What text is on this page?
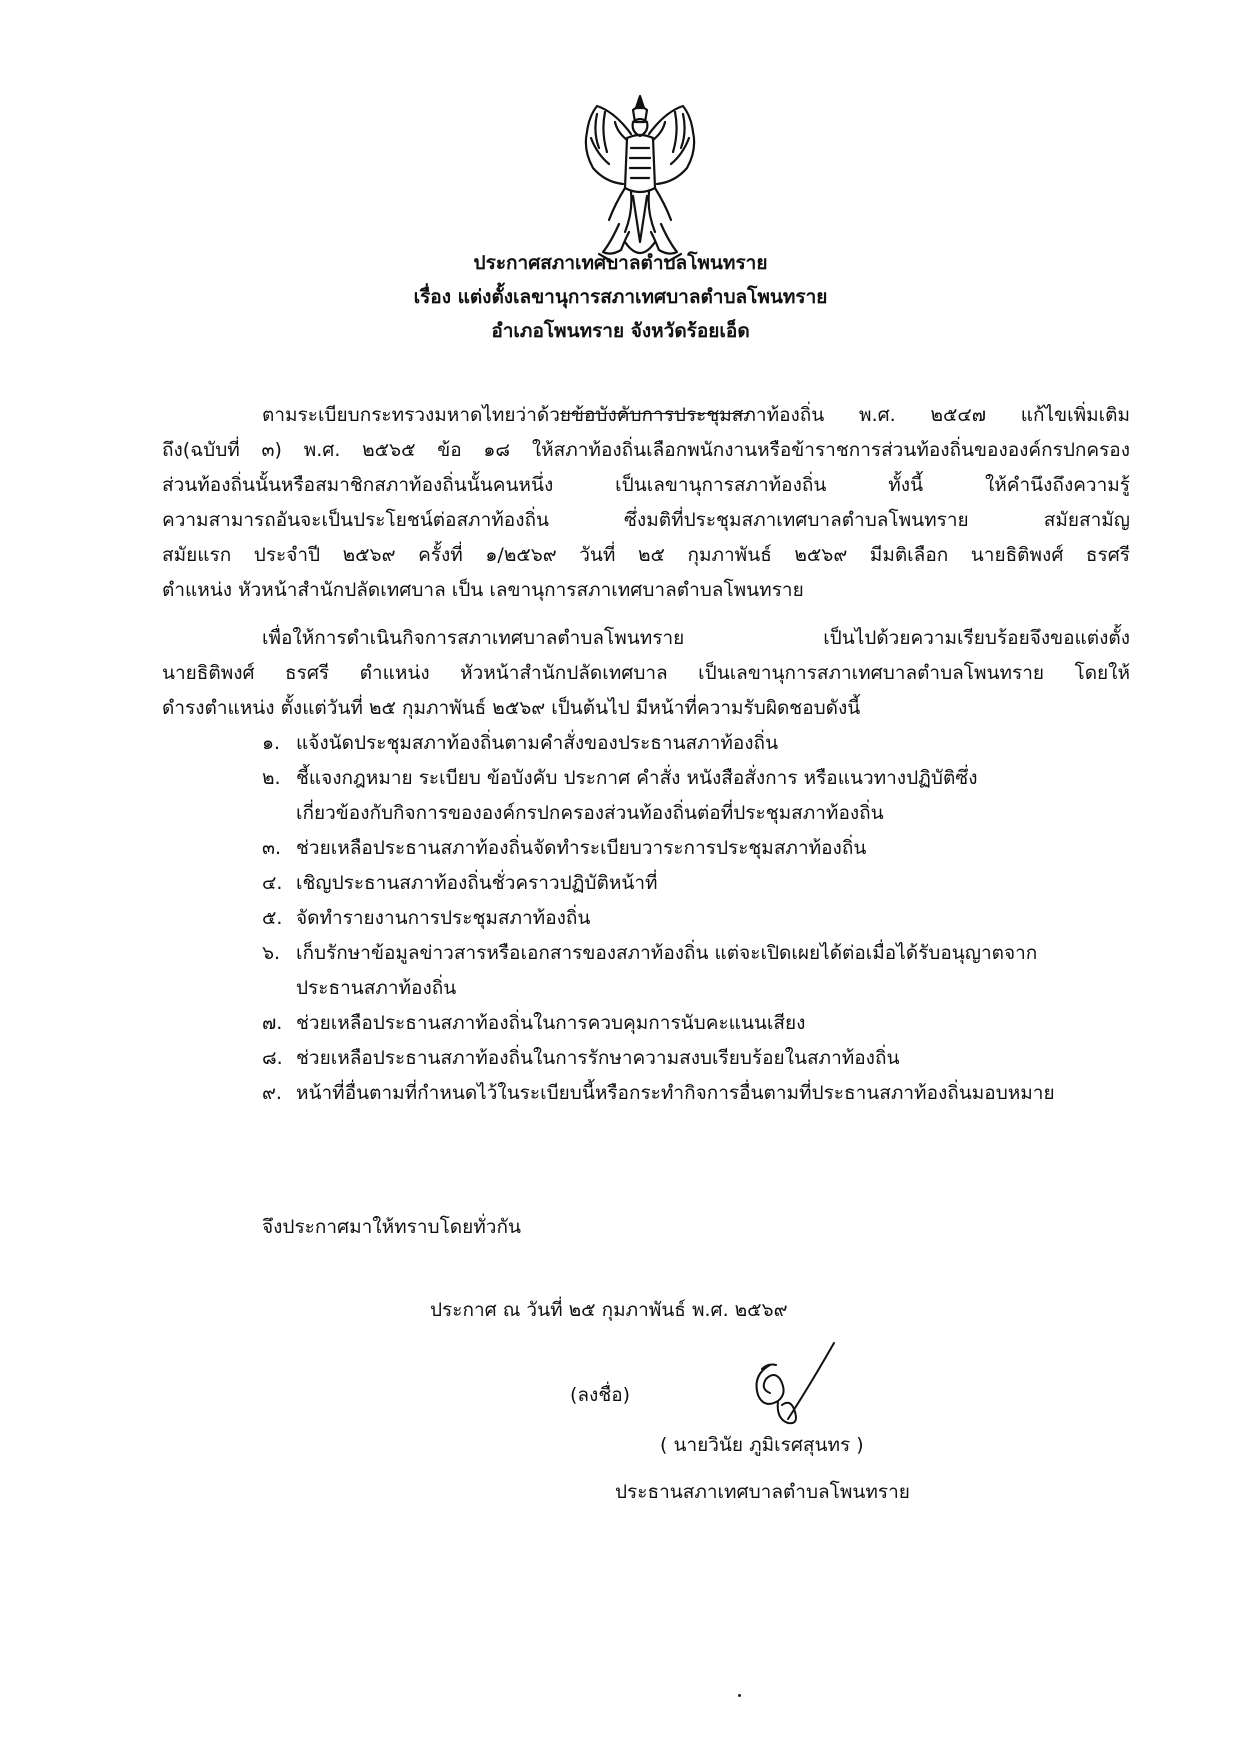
ประกาศสภาเทศบาลตำบลโพนทราย
เรื่อง แต่งตั้งเลขานุการสภาเทศบาลตำบลโพนทราย
อำเภอโพนทราย จังหวัดร้อยเอ็ด
ตามระเบียบกระทรวงมหาดไทยว่าด้วยข้อบังคับการประชุมสภาท้องถิ่น พ.ศ. ๒๕๔๗ แก้ไขเพิ่มเติม
ถึง(ฉบับที่ ๓) พ.ศ. ๒๕๖๕ ข้อ ๑๘ ให้สภาท้องถิ่นเลือกพนักงานหรือข้าราชการส่วนท้องถิ่นขององค์กรปกครอง
ส่วนท้องถิ่นนั้นหรือสมาชิกสภาท้องถิ่นนั้นคนหนึ่ง เป็นเลขานุการสภาท้องถิ่น ทั้งนี้ ให้คำนึงถึงความรู้
ความสามารถอันจะเป็นประโยชน์ต่อสภาท้องถิ่น ซึ่งมติที่ประชุมสภาเทศบาลตำบลโพนทราย สมัยสามัญ
สมัยแรก ประจำปี ๒๕๖๙ ครั้งที่ ๑/๒๕๖๙ วันที่ ๒๕ กุมภาพันธ์ ๒๕๖๙ มีมติเลือก นายธิติพงศ์ ธรศรี
ตำแหน่ง หัวหน้าสำนักปลัดเทศบาล เป็น เลขานุการสภาเทศบาลตำบลโพนทราย
เพื่อให้การดำเนินกิจการสภาเทศบาลตำบลโพนทราย เป็นไปด้วยความเรียบร้อยจึงขอแต่งตั้ง
นายธิติพงศ์ ธรศรี ตำแหน่ง หัวหน้าสำนักปลัดเทศบาล เป็นเลขานุการสภาเทศบาลตำบลโพนทราย โดยให้
ดำรงตำแหน่ง ตั้งแต่วันที่ ๒๕ กุมภาพันธ์ ๒๕๖๙ เป็นต้นไป มีหน้าที่ความรับผิดชอบดังนี้
๑. แจ้งนัดประชุมสภาท้องถิ่นตามคำสั่งของประธานสภาท้องถิ่น
๒. ชี้แจงกฎหมาย ระเบียบ ข้อบังคับ ประกาศ คำสั่ง หนังสือสั่งการ หรือแนวทางปฏิบัติซึ่ง
เกี่ยวข้องกับกิจการขององค์กรปกครองส่วนท้องถิ่นต่อที่ประชุมสภาท้องถิ่น
๓. ช่วยเหลือประธานสภาท้องถิ่นจัดทำระเบียบวาระการประชุมสภาท้องถิ่น
๔. เชิญประธานสภาท้องถิ่นชั่วคราวปฏิบัติหน้าที่
๕. จัดทำรายงานการประชุมสภาท้องถิ่น
๖. เก็บรักษาข้อมูลข่าวสารหรือเอกสารของสภาท้องถิ่น แต่จะเปิดเผยได้ต่อเมื่อได้รับอนุญาตจาก
ประธานสภาท้องถิ่น
๗. ช่วยเหลือประธานสภาท้องถิ่นในการควบคุมการนับคะแนนเสียง
๘. ช่วยเหลือประธานสภาท้องถิ่นในการรักษาความสงบเรียบร้อยในสภาท้องถิ่น
๙. หน้าที่อื่นตามที่กำหนดไว้ในระเบียบนี้หรือกระทำกิจการอื่นตามที่ประธานสภาท้องถิ่นมอบหมาย
จึงประกาศมาให้ทราบโดยทั่วกัน
ประกาศ ณ วันที่ ๒๕ กุมภาพันธ์ พ.ศ. ๒๕๖๙
(ลงชื่อ)
( นายวินัย ภูมิเรศสุนทร )
ประธานสภาเทศบาลตำบลโพนทราย
